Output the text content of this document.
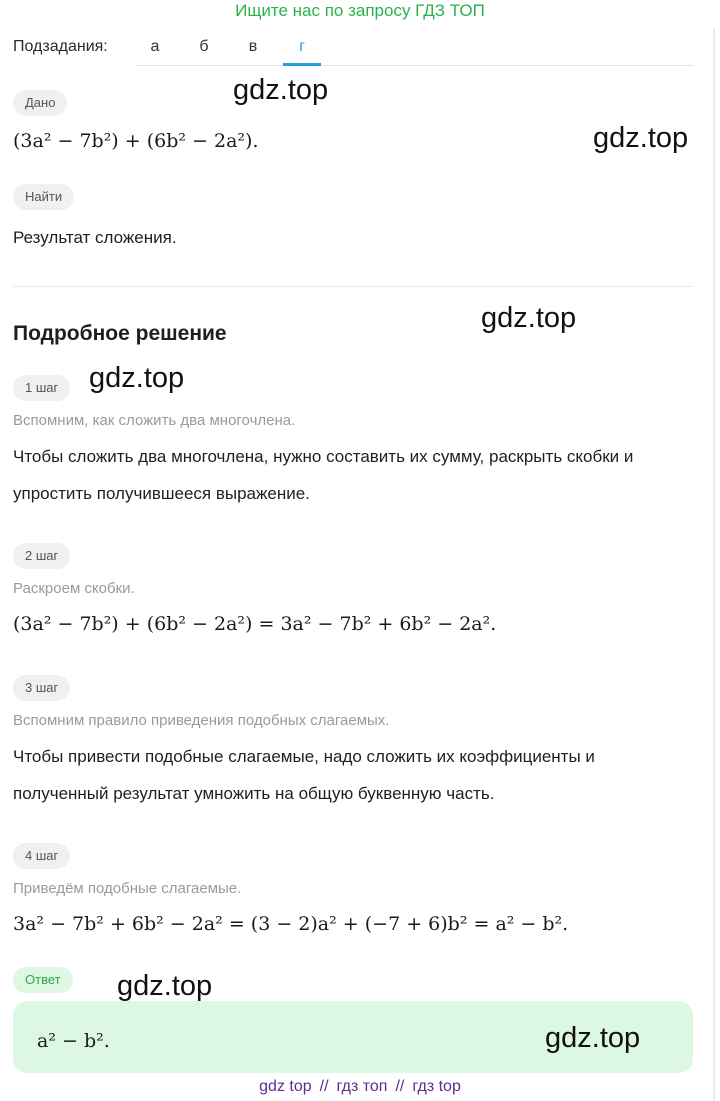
Ищите нас по запросу ГДЗ ТОП
Подзадания:	а	б	в	г
Дано
(3a² − 7b²) + (6b² − 2a²).
Найти
Результат сложения.
Подробное решение
1 шаг
Вспомним, как сложить два многочлена.
Чтобы сложить два многочлена, нужно составить их сумму, раскрыть скобки и
упростить получившееся выражение.
2 шаг
Раскроем скобки.
(3a² − 7b²) + (6b² − 2a²) = 3a² − 7b² + 6b² − 2a².
3 шаг
Вспомним правило приведения подобных слагаемых.
Чтобы привести подобные слагаемые, надо сложить их коэффициенты и
полученный результат умножить на общую буквенную часть.
4 шаг
Приведём подобные слагаемые.
3a² − 7b² + 6b² − 2a² = (3 − 2)a² + (−7 + 6)b² = a² − b².
Ответ
a² − b².
gdz.top
gdz.top
gdz.top
gdz.top
gdz.top
gdz.top
gdz top // гдз топ // гдз top
